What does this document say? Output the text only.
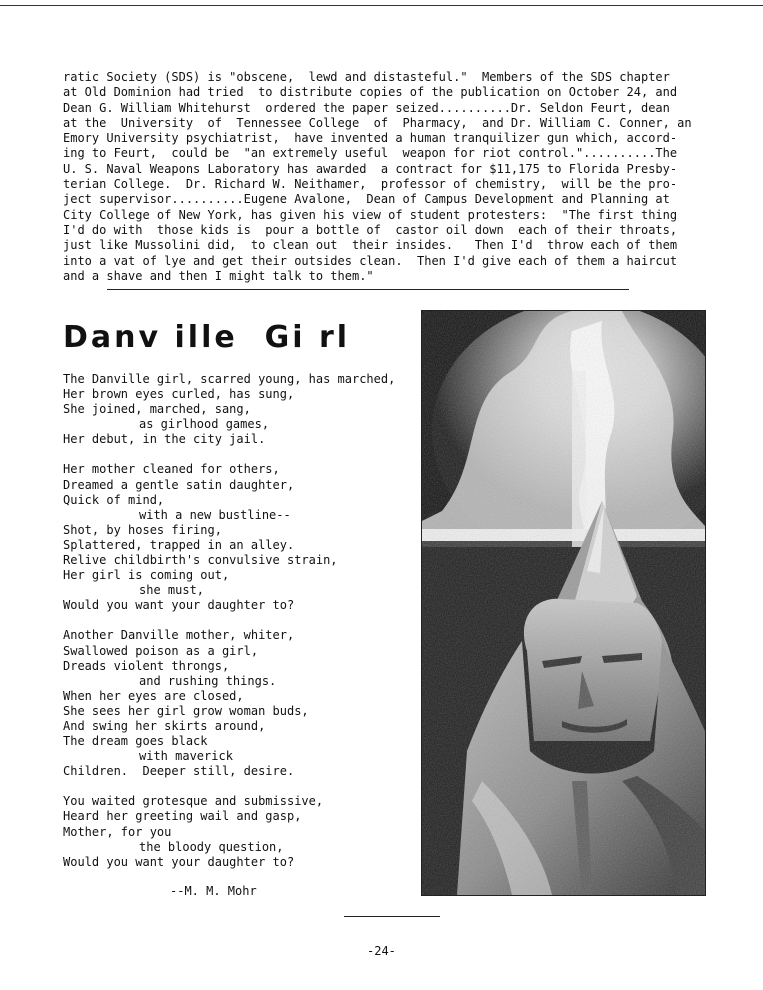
ratic Society (SDS) is "obscene,  lewd and distasteful."  Members of the SDS chapter
at Old Dominion had tried  to distribute copies of the publication on October 24, and
Dean G. William Whitehurst  ordered the paper seized..........Dr. Seldon Feurt, dean
at the  University  of  Tennessee College  of  Pharmacy,  and Dr. William C. Conner, an
Emory University psychiatrist,  have invented a human tranquilizer gun which, accord-
ing to Feurt,  could be  "an extremely useful  weapon for riot control."..........The
U. S. Naval Weapons Laboratory has awarded  a contract for $11,175 to Florida Presby-
terian College.  Dr. Richard W. Neithamer,  professor of chemistry,  will be the pro-
ject supervisor..........Eugene Avalone,  Dean of Campus Development and Planning at
City College of New York, has given his view of student protesters:  "The first thing
I'd do with  those kids is  pour a bottle of  castor oil down  each of their throats,
just like Mussolini did,  to clean out  their insides.   Then I'd  throw each of them
into a vat of lye and get their outsides clean.  Then I'd give each of them a haircut
and a shave and then I might talk to them."
Danv ille  Gi rl
The Danville girl, scarred young, has marched,
Her brown eyes curled, has sung,
She joined, marched, sang,
as girlhood games,
Her debut, in the city jail.
Her mother cleaned for others,
Dreamed a gentle satin daughter,
Quick of mind,
with a new bustline--
Shot, by hoses firing,
Splattered, trapped in an alley.
Relive childbirth's convulsive strain,
Her girl is coming out,
she must,
Would you want your daughter to?
Another Danville mother, whiter,
Swallowed poison as a girl,
Dreads violent throngs,
and rushing things.
When her eyes are closed,
She sees her girl grow woman buds,
And swing her skirts around,
The dream goes black
with maverick
Children.  Deeper still, desire.
You waited grotesque and submissive,
Heard her greeting wail and gasp,
Mother, for you
the bloody question,
Would you want your daughter to?
--M. M. Mohr
-24-
